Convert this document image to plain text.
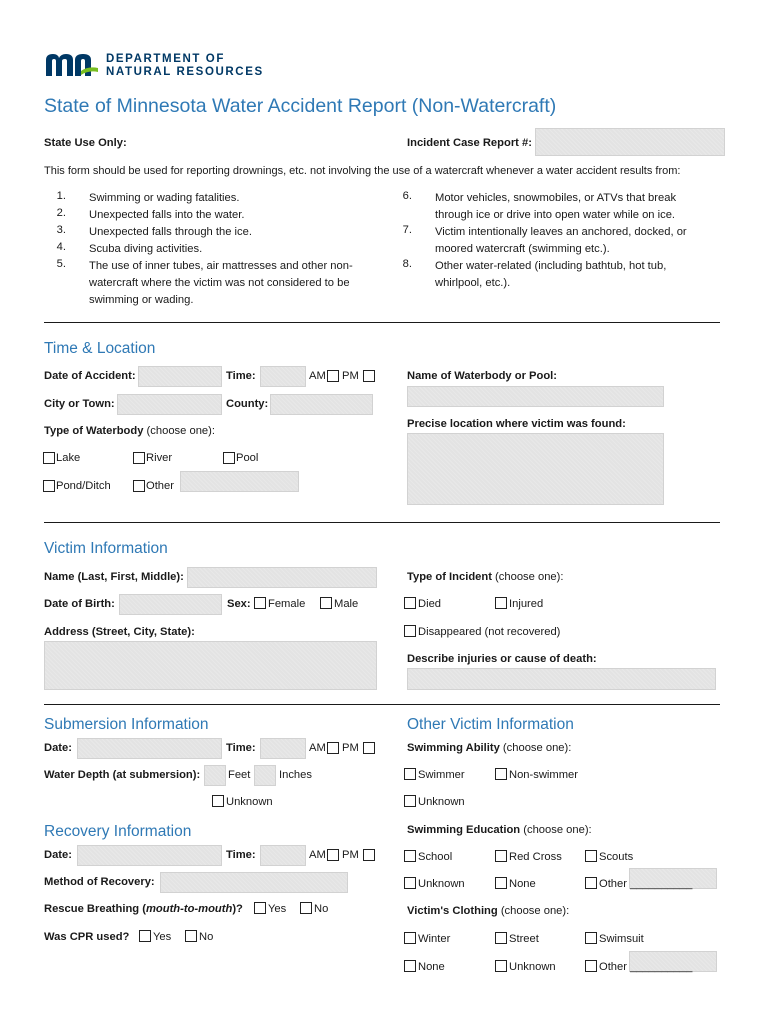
DEPARTMENT OF
NATURAL RESOURCES
State of Minnesota Water Accident Report (Non-Watercraft)
State Use Only:	Incident Case Report #:
This form should be used for reporting drownings, etc. not involving the use of a watercraft whenever a water accident results from:
1. Swimming or wading fatalities.
2. Unexpected falls into the water.
3. Unexpected falls through the ice.
4. Scuba diving activities.
5. The use of inner tubes, air mattresses and other non-
watercraft where the victim was not considered to be
swimming or wading.
6. Motor vehicles, snowmobiles, or ATVs that break
through ice or drive into open water while on ice.
7. Victim intentionally leaves an anchored, docked, or
moored watercraft (swimming etc.).
8. Other water-related (including bathtub, hot tub,
whirlpool, etc.).
Time & Location
Date of Accident:	Time:	AM PM	Name of Waterbody or Pool:
City or Town:	County:
Type of Waterbody (choose one):
Precise location where victim was found:
Lake	River	Pool
Pond/Ditch	Other
Victim Information
Name (Last, First, Middle):	Type of Incident (choose one):
Date of Birth:	Sex: Female	Male	Died	Injured
Address (Street, City, State):	Disappeared (not recovered)
Describe injuries or cause of death:
Submersion Information
Date:	Time:	AM PM
Water Depth (at submersion): Feet	Inches
Unknown
Other Victim Information
Swimming Ability (choose one):
Swimmer	Non-swimmer
Unknown
Swimming Education (choose one):
School	Red Cross	Scouts
Unknown	None	Other __________
Victim's Clothing (choose one):
Winter	Street	Swimsuit
None	Unknown	Other __________
Recovery Information
Date:	Time:	AM PM
Method of Recovery:
Rescue Breathing (mouth-to-mouth)? Yes No
Was CPR used? Yes No
